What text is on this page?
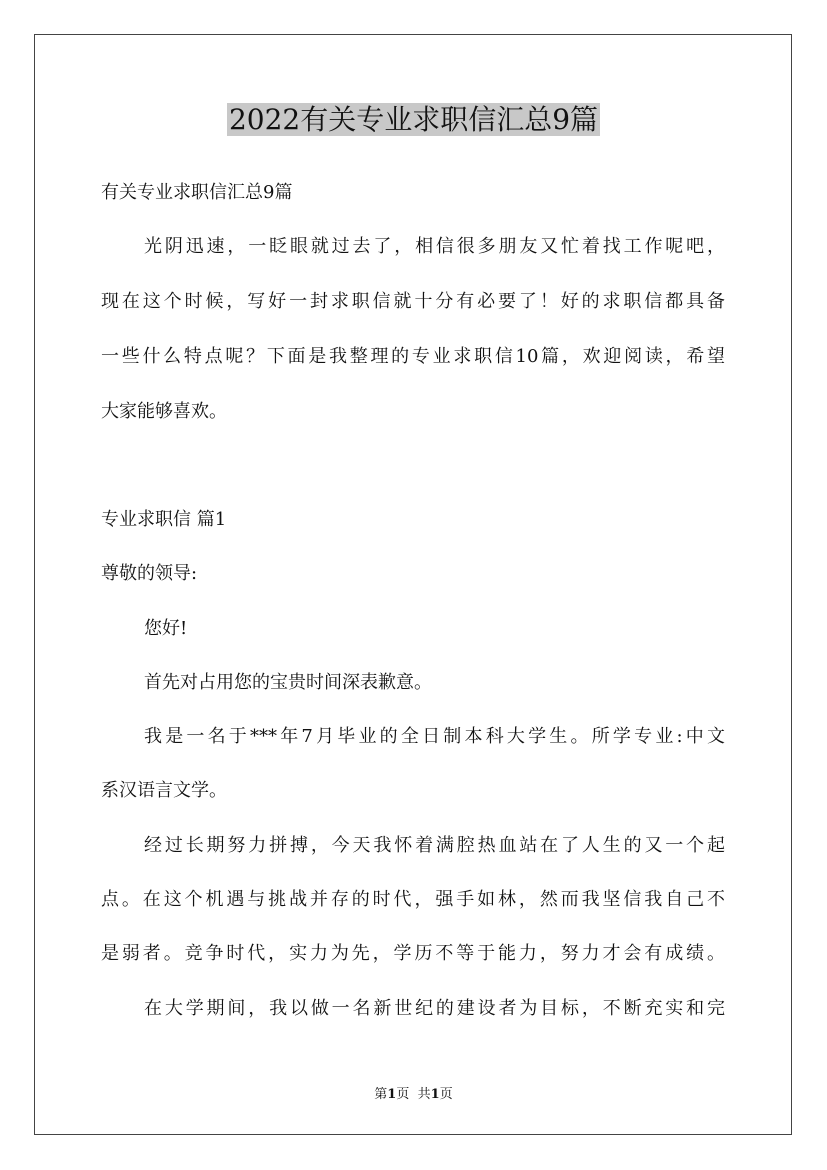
2022有关专业求职信汇总9篇
有关专业求职信汇总9篇
光阴迅速，一眨眼就过去了，相信很多朋友又忙着找工作呢吧，
现在这个时候，写好一封求职信就十分有必要了！好的求职信都具备
一些什么特点呢？下面是我整理的专业求职信10篇，欢迎阅读，希望
大家能够喜欢。
专业求职信 篇1
尊敬的领导:
您好!
首先对占用您的宝贵时间深表歉意。
我是一名于***年7月毕业的全日制本科大学生。所学专业:中文
系汉语言文学。
经过长期努力拼搏，今天我怀着满腔热血站在了人生的又一个起
点。在这个机遇与挑战并存的时代，强手如林，然而我坚信我自己不
是弱者。竞争时代，实力为先，学历不等于能力，努力才会有成绩。
在大学期间，我以做一名新世纪的建设者为目标，不断充实和完
第1页 共1页
